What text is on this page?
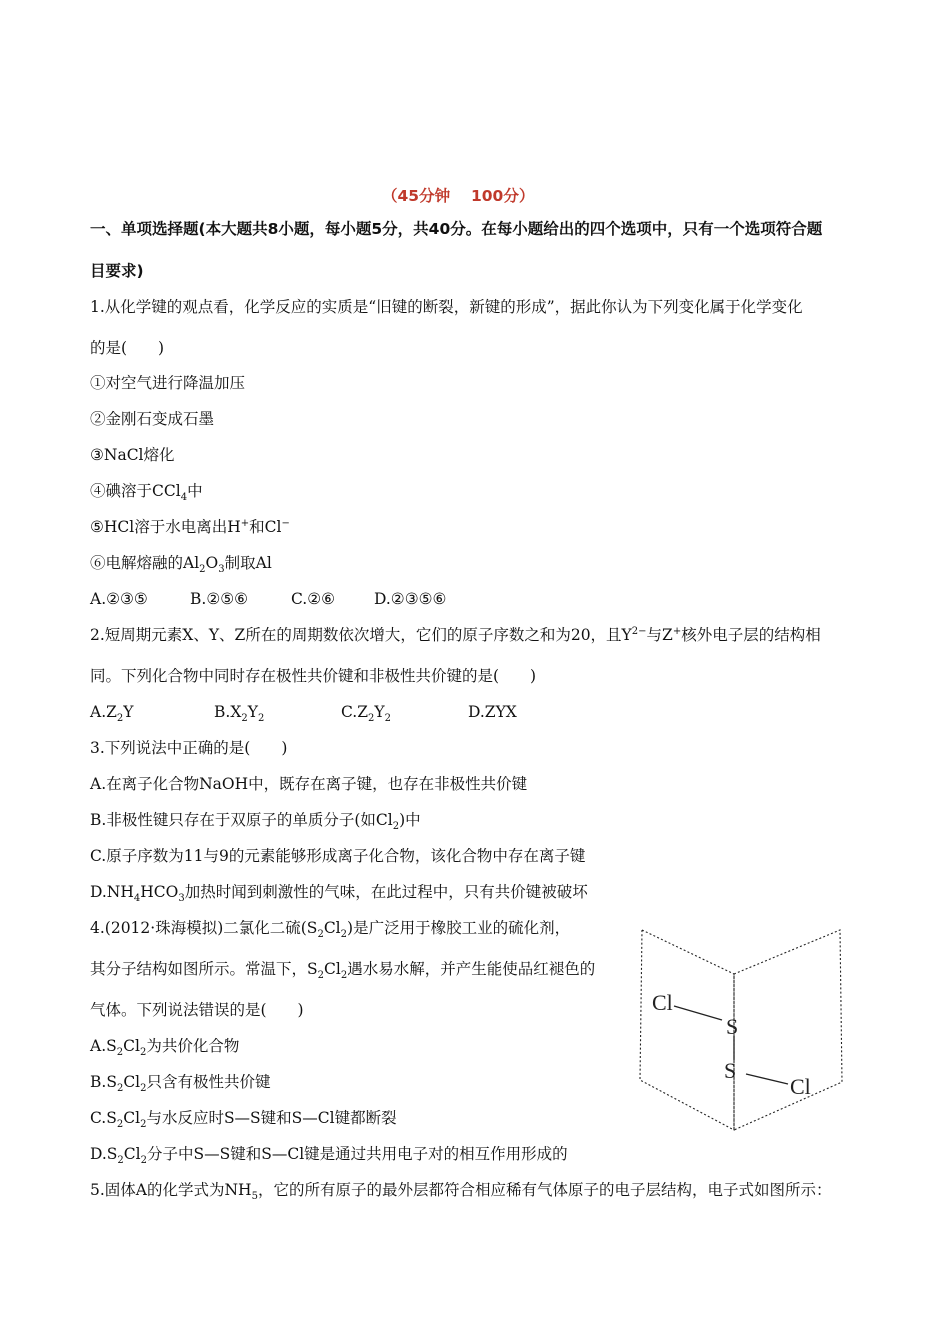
（45分钟　 100分）
一、单项选择题(本大题共8小题，每小题5分，共40分。在每小题给出的四个选项中，只有一个选项符合题
目要求)
1.从化学键的观点看，化学反应的实质是“旧键的断裂，新键的形成”，据此你认为下列变化属于化学变化
的是(　　)
①对空气进行降温加压
②金刚石变成石墨
③NaCl熔化
④碘溶于CCl$_4$中
⑤HCl溶于水电离出H+和Cl−
⑥电解熔融的$Al_2O_3$制取Al
A.②③⑤	B.②⑤⑥	C.②⑥	D.②③⑤⑥
2.短周期元素X、Y、Z所在的周期数依次增大，它们的原子序数之和为20，且$Y^{2-}$与Z+核外电子层的结构相
同。下列化合物中同时存在极性共价键和非极性共价键的是(　　)
$A.Z_2Y$	$B.X_2Y_2$	$C.Z_2Y_2$	D.ZYX
3.下列说法中正确的是(　　)
A.在离子化合物NaOH中，既存在离子键，也存在非极性共价键
B.非极性键只存在于双原子的单质分子(如$Cl_2$)中
C.原子序数为11与9的元素能够形成离子化合物，该化合物中存在离子键
$D.NH_4HCO_3$加热时闻到刺激性的气味，在此过程中，只有共价键被破坏
4.(2012·珠海模拟)二氯化二硫$(S_2Cl_2)$是广泛用于橡胶工业的硫化剂，
其分子结构如图所示。常温下，$S_2Cl_2$遇水易水解，并产生能使品红褪色的
气体。下列说法错误的是(　　)
$A.S_2Cl_2$为共价化合物
$B.S_2Cl_2$只含有极性共价键
$C.S_2Cl_2$与水反应时S—S键和S—Cl键都断裂
$D.S_2Cl_2$分子中S—S键和S—Cl键是通过共用电子对的相互作用形成的
Cl
S
S
Cl
5.固体A的化学式为$NH_5$，它的所有原子的最外层都符合相应稀有气体原子的电子层结构，电子式如图所示：
